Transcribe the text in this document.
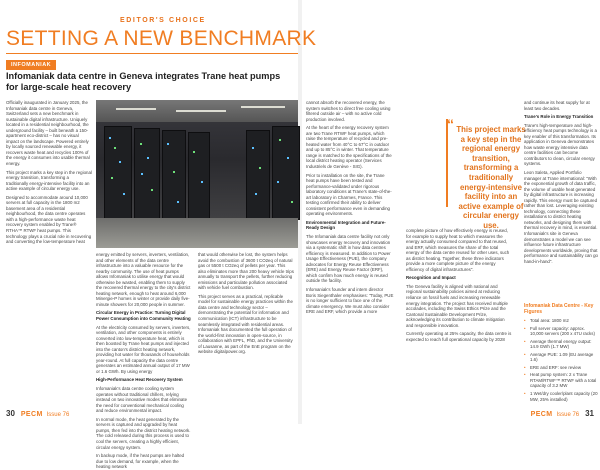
EDITOR'S CHOICE
SETTING A NEW BENCHMARK
INFOMANIAK
Infomaniak data centre in Geneva integrates Trane heat pumps for large-scale heat recovery

Officially inaugurated in January 2025, the Infomaniak data centre in Geneva, Switzerland sets a new benchmark in sustainable digital infrastructure. Uniquely located in a residential neighbourhood, the underground facility – built beneath a 150-apartment eco-district – has no visual impact on the landscape. Powered entirely by locally sourced renewable energy, it recovers waste heat and recycles 100% of the energy it consumes into usable thermal energy.

This project marks a key step in the regional energy transition, transforming a traditionally energy-intensive facility into an active example of circular energy use.

Designed to accommodate around 10,000 servers at full capacity in the 1800 m2 basement area of a residential neighbourhood, the data centre operates with a high-performance waste heat recovery system enabled by Trane® RTHA™ RTWF heat pumps. This technology plays a crucial role in recovering and converting the low-temperature heat

energy emitted by servers, inverters, ventilation, and other elements of the data centre infrastructure into a valuable resource for the nearby community. The use of heat pumps allows Infomaniak to utilise energy that would otherwise be wasted, enabling them to supply the recovered thermal energy to the city's district heating network, enough to heat around 6,000 Minergie-P homes in winter or provide daily five-minute showers for 20,000 people in summer.

Circular Energy in Practice: Turning Digital Power Consumption into Community Heating

At the electricity consumed by servers, inverters, ventilation, and other components is entirely converted into low-temperature heat, which is then boosted by Trane heat pumps and injected into the canton's district heating network, providing hot water for thousands of households year-round. At full capacity the data centre generates an estimated annual output of 17 MW or 1.6 GWh. By using energy

High-Performance Heat Recovery System

Infomaniak's data centre cooling system operates without traditional chillers, relying instead on two innovative modes that eliminate the need for conventional mechanical cooling and reduce environmental impact.

In normal mode, the heat generated by the servers is captured and upgraded by heat pumps, then fed into the district heating network. The cold released during this process is used to cool the servers, creating a highly efficient, circular energy system.

In backup mode, if the heat pumps are halted due to low demand, for example, when the heating network

that would otherwise be lost, the system helps avoid the combustion of 3600 t CO2eq of natural gas or 5500 t CO2eq of pellets per year. This also eliminates more than 200 heavy vehicle trips annually to transport the pellets, further reducing emissions and particulate pollution associated with vehicle fuel combustion.

This project serves as a practical, replicable model for sustainable energy practices within the data centre and technology sector – demonstrating the potential for information and communication (ICT) infrastructure to be seamlessly integrated with residential areas. Infomaniak has documented the full operation of the world-first innovation in open-source, in collaboration with EPFL, PhD, and the University of Lausanne, as part of the EnE program on the website digitalpower.org.

30 PECM Issue 76

cannot absorb the recovered energy, the system switches to direct free cooling using filtered outside air – with no active cold production involved.

At the heart of the energy recovery system are two Trane RTWF heat pumps, which raise the temperature of recycled and pre-heated water from 40°C to 67°C in outdoor and up to 85°C in winter. That temperature range is matched to the specifications of the local district heating operator (Services Industriels de Genève - SIG).

Prior to installation on the site, the Trane heat pumps have been tested and performance-validated under rigorous laboratory conditions at Trane's state-of-the-art laboratory in Charmes, France. This testing confirmed their ability to deliver consistent performance even in demanding operating environments.

Environmental Integration and Future-Ready Design

The Infomaniak data centre facility not only showcases energy recovery and innovation via a systematic shift in how data centres efficiency is measured. In addition to Power Usage Effectiveness (PUE), the company advocates for Energy Reuse Effectiveness (ERE) and Energy Reuse Factor (ERF), which confirm how much energy is reused outside the facility.

Infomaniak's founder and intern director Boris Siegenthaler emphasises: "Today, PUE is no longer sufficient to face one of the climate emergency. We must also consider ERE and ERF, which provide a more

“ This project marks a key step in the regional energy transition, transforming a traditionally energy-intensive facility into an active example of circular energy use.

complete picture of how effectively energy is reused, for example to supply heat to which measures the energy actually consumed compared to that reused, and ERF, which measures the share of the total energy of the data centre reused for other uses, such as district heating. Together, these three indicators provide a more complete picture of the energy efficiency of digital infrastructures".

Recognition and Impact

The Geneva facility is aligned with national and regional sustainability policies aimed at reducing reliance on fossil fuels and increasing renewable energy integration. The project has received multiple accolades, including the Swiss Ethics Prize and the Cantonal Sustainable Development Prize, acknowledging its contribution to climate mitigation and responsible innovation.

Currently operating at 25% capacity, the data centre is expected to reach full operational capacity by 2028

and continue its heat supply for at least two decades.

Trane's Role in Energy Transition

Trane's high-temperature and high-efficiency heat pumps technology is a key enabler of this transformation. Its application in Geneva demonstrates how waste energy intensive data centre facilities can become contributors to clean, circular energy systems.

Leon Saleta, Applied Portfolio manager at Trane international: "With the exponential growth of data traffic, the volume of usable heat generated by digital infrastructure is increasing rapidly. This energy must be captured rather than lost. Leveraging existing technology, connecting these installations to district heating networks, and designing them with thermal recovery in mind, is essential. Infomaniak's site in Geneva demonstrates a model we can see influence future infrastructure developments worldwide, proving that performance and sustainability can go hand-in-hand".

Infomaniak Data Centre - Key Figures

• Total area: 1800 m2
• Full server capacity: approx. 10,000 servers (200 x 47U racks)
• Average thermal energy output: 14.9 GWh (1.7 MW)
• Average PUE: 1.09 (EU average 1.6)
• ERE and ERF: see review
• Heat pump system: 2 x Trane RTAM/RTWF™ RTWF with a total capacity of 3.2 MW
• 1 Wet/dry cooler/plant capacity (20 MW, 25% installed)
PECM Issue 76 31
